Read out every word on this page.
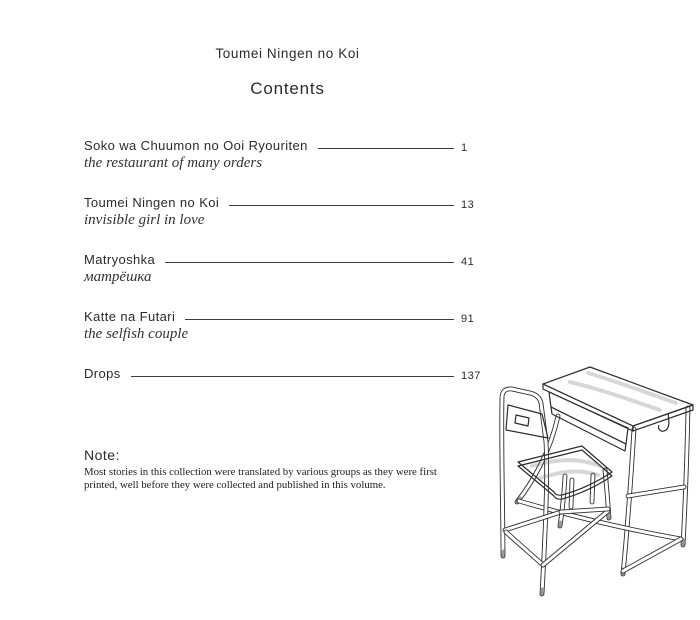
Toumei Ningen no Koi
Contents
Soko wa Chuumon no Ooi Ryouriten	1
the restaurant of many orders
Toumei Ningen no Koi	13
invisible girl in love
Matryoshka	41
матрёшка
Katte na Futari	91
the selfish couple
Drops	137
Note:

Most stories in this collection were translated by various groups as they were first printed, well before they were collected and published in this volume.
